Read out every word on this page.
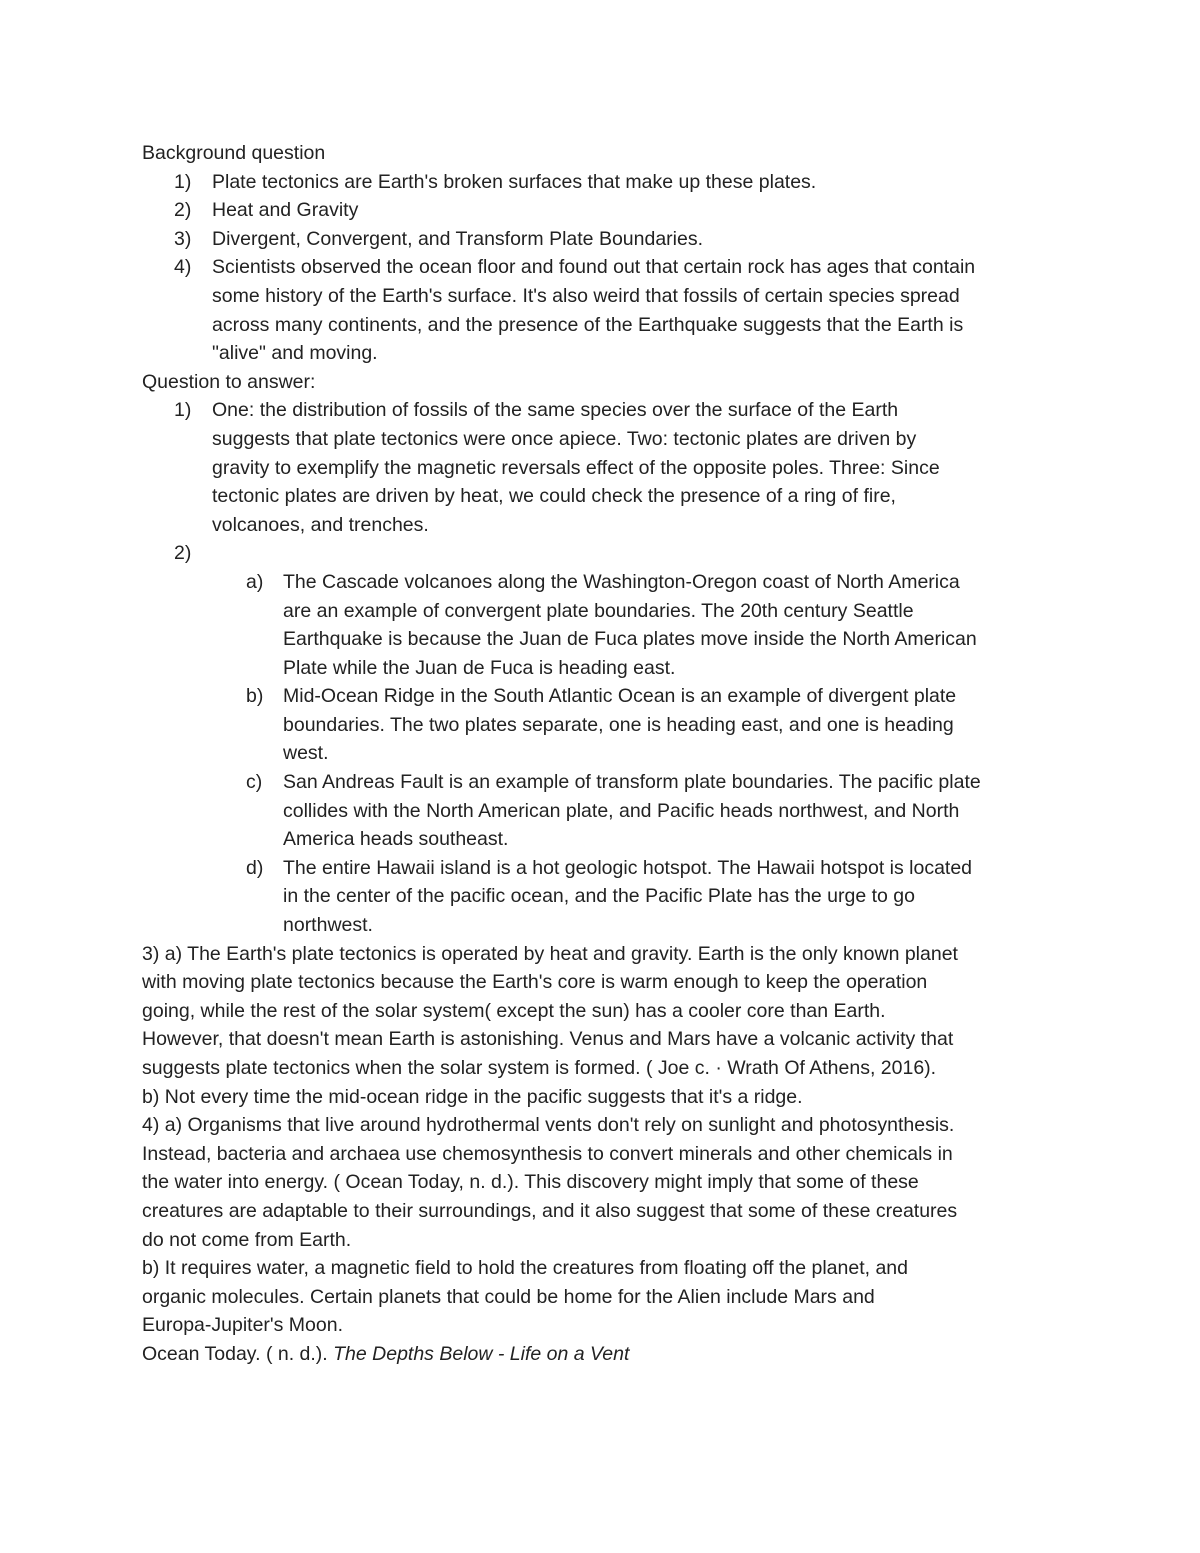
Background question
1) Plate tectonics are Earth's broken surfaces that make up these plates.
2) Heat and Gravity
3) Divergent, Convergent, and Transform Plate Boundaries.
4) Scientists observed the ocean floor and found out that certain rock has ages that contain
some history of the Earth's surface. It's also weird that fossils of certain species spread
across many continents, and the presence of the Earthquake suggests that the Earth is
"alive" and moving.
Question to answer:
1) One: the distribution of fossils of the same species over the surface of the Earth
suggests that plate tectonics were once apiece. Two: tectonic plates are driven by
gravity to exemplify the magnetic reversals effect of the opposite poles. Three: Since
tectonic plates are driven by heat, we could check the presence of a ring of fire,
volcanoes, and trenches.
2)

a) The Cascade volcanoes along the Washington-Oregon coast of North America
are an example of convergent plate boundaries. The 20th century Seattle
Earthquake is because the Juan de Fuca plates move inside the North American
Plate while the Juan de Fuca is heading east.
b) Mid-Ocean Ridge in the South Atlantic Ocean is an example of divergent plate
boundaries. The two plates separate, one is heading east, and one is heading
west.
c) San Andreas Fault is an example of transform plate boundaries. The pacific plate
collides with the North American plate, and Pacific heads northwest, and North
America heads southeast.
d) The entire Hawaii island is a hot geologic hotspot. The Hawaii hotspot is located
in the center of the pacific ocean, and the Pacific Plate has the urge to go
northwest.
3) a) The Earth's plate tectonics is operated by heat and gravity. Earth is the only known planet
with moving plate tectonics because the Earth's core is warm enough to keep the operation
going, while the rest of the solar system( except the sun) has a cooler core than Earth.
However, that doesn't mean Earth is astonishing. Venus and Mars have a volcanic activity that
suggests plate tectonics when the solar system is formed. ( Joe c. · Wrath Of Athens, 2016).
b) Not every time the mid-ocean ridge in the pacific suggests that it's a ridge.
4) a) Organisms that live around hydrothermal vents don't rely on sunlight and photosynthesis.
Instead, bacteria and archaea use chemosynthesis to convert minerals and other chemicals in
the water into energy. ( Ocean Today, n. d.). This discovery might imply that some of these
creatures are adaptable to their surroundings, and it also suggest that some of these creatures
do not come from Earth.
b) It requires water, a magnetic field to hold the creatures from floating off the planet, and
organic molecules. Certain planets that could be home for the Alien include Mars and
Europa-Jupiter's Moon.
Ocean Today. ( n. d.). The Depths Below - Life on a Vent
